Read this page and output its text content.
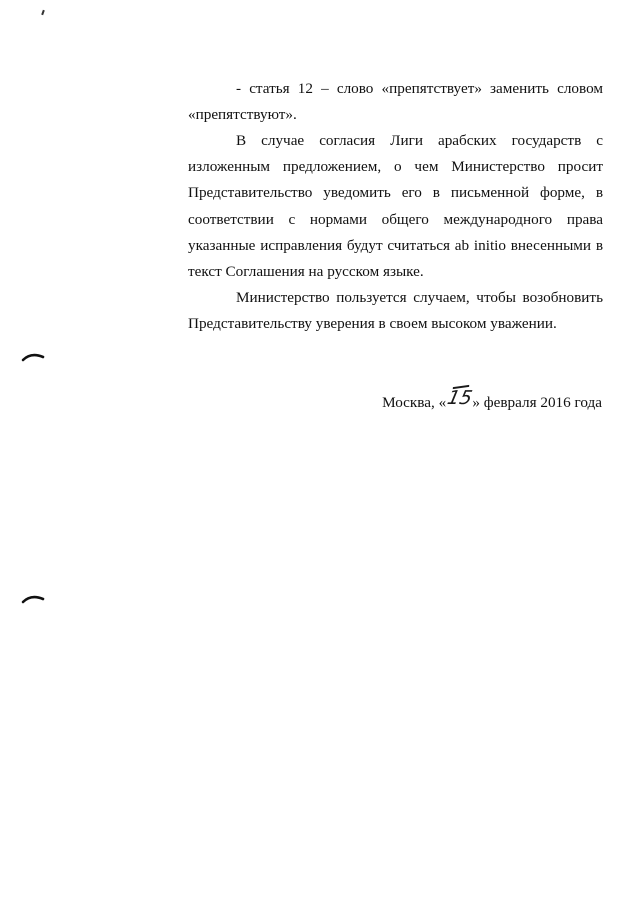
- статья 12 – слово «препятствует» заменить словом «препятствуют».

В случае согласия Лиги арабских государств с изложенным предложением, о чем Министерство просит Представительство уведомить его в письменной форме, в соответствии с нормами общего международного права указанные исправления будут считаться ab initio внесенными в текст Соглашения на русском языке.

Министерство пользуется случаем, чтобы возобновить Представительству уверения в своем высоком уважении.

Москва, «15» февраля 2016 года
